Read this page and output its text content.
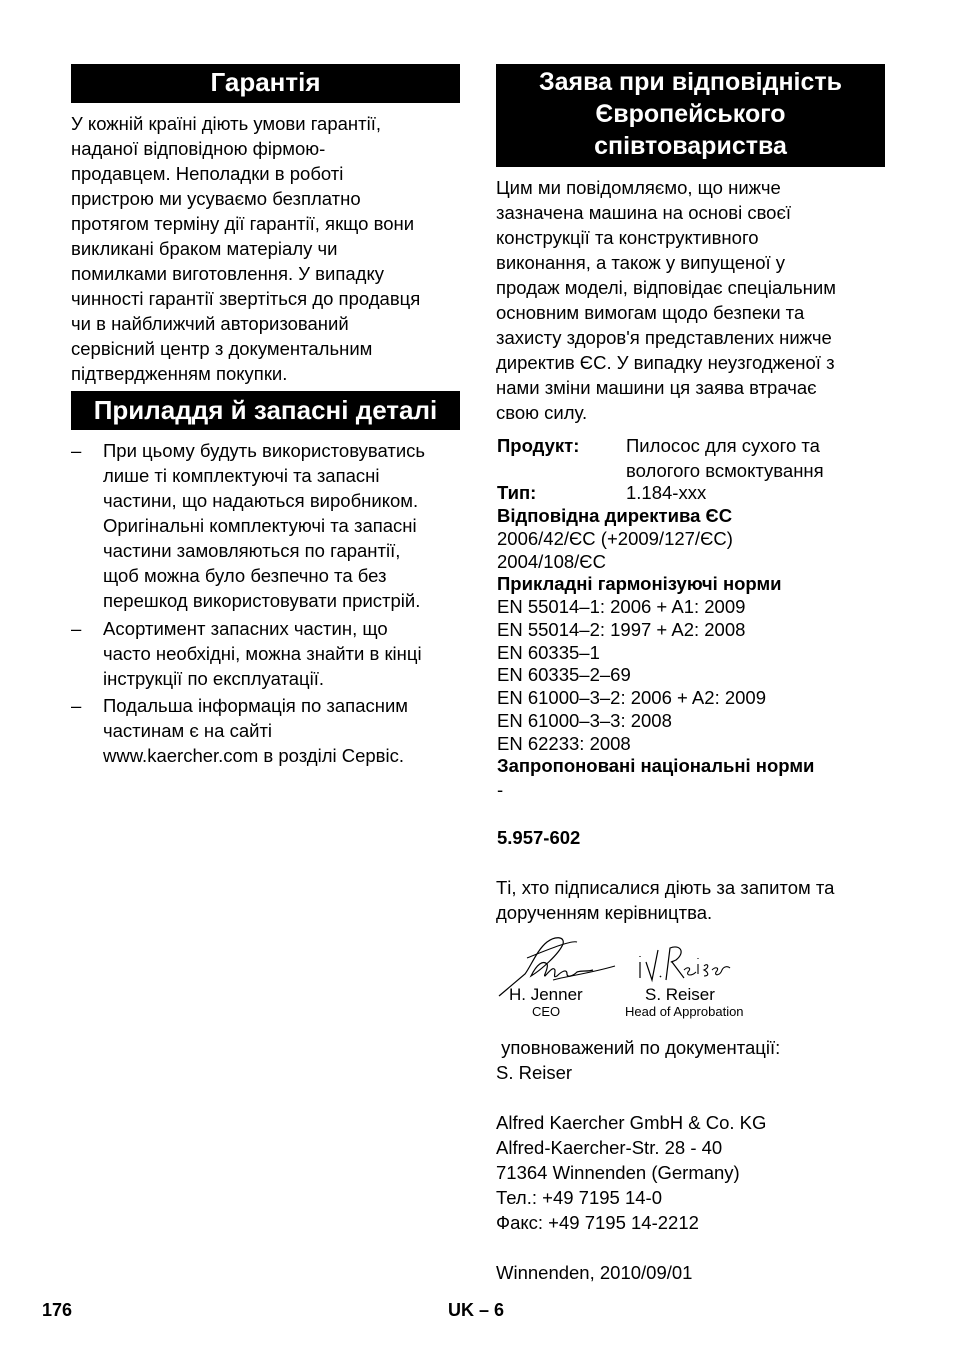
Гарантія
У кожній країні діють умови гарантії,
наданої відповідною фірмою-
продавцем. Неполадки в роботі
пристрою ми усуваємо безплатно
протягом терміну дії гарантії, якщо вони
викликані браком матеріалу чи
помилками виготовлення. У випадку
чинності гарантії звертіться до продавця
чи в найближчий авторизований
сервісний центр з документальним
підтвердженням покупки.
Приладдя й запасні деталі
– При цьому будуть використовуватись
лише ті комплектуючі та запасні
частини, що надаються виробником.
Оригінальні комплектуючі та запасні
частини замовляються по гарантії,
щоб можна було безпечно та без
перешкод використовувати пристрій.
– Асортимент запасних частин, що
часто необхідні, можна знайти в кінці
інструкції по експлуатації.
– Подальша інформація по запасним
частинам є на сайті
www.kaercher.com в розділі Сервіс.
Заява при відповідність
Європейського
співтовариства
Цим ми повідомляємо, що нижче
зазначена машина на основі своєї
конструкції та конструктивного
виконання, а також у випущеної у
продаж моделі, відповідає спеціальним
основним вимогам щодо безпеки та
захисту здоров'я представлених нижче
директив ЄС. У випадку неузгодженої з
нами зміни машини ця заява втрачає
свою силу.
Продукт:	Пилосос для сухого та
вологого всмоктування
Тип:	1.184-xxx
Відповідна директива ЄС
2006/42/ЄС (+2009/127/ЄС)
2004/108/ЄС
Прикладні гармонізуючі норми
EN 55014–1: 2006 + A1: 2009
EN 55014–2: 1997 + A2: 2008
EN 60335–1
EN 60335–2–69
EN 61000–3–2: 2006 + A2: 2009
EN 61000–3–3: 2008
EN 62233: 2008
Запропоновані національні норми
-
5.957-602
Ті, хто підписалися діють за запитом та
дорученням керівництва.
H. Jenner
CEO
S. Reiser
Head of Approbation
уповноважений по документації:
S. Reiser
Alfred Kaercher GmbH & Co. KG
Alfred-Kaercher-Str. 28 - 40
71364 Winnenden (Germany)
Тел.: +49 7195 14-0
Факс: +49 7195 14-2212
Winnenden, 2010/09/01
176	UK – 6
